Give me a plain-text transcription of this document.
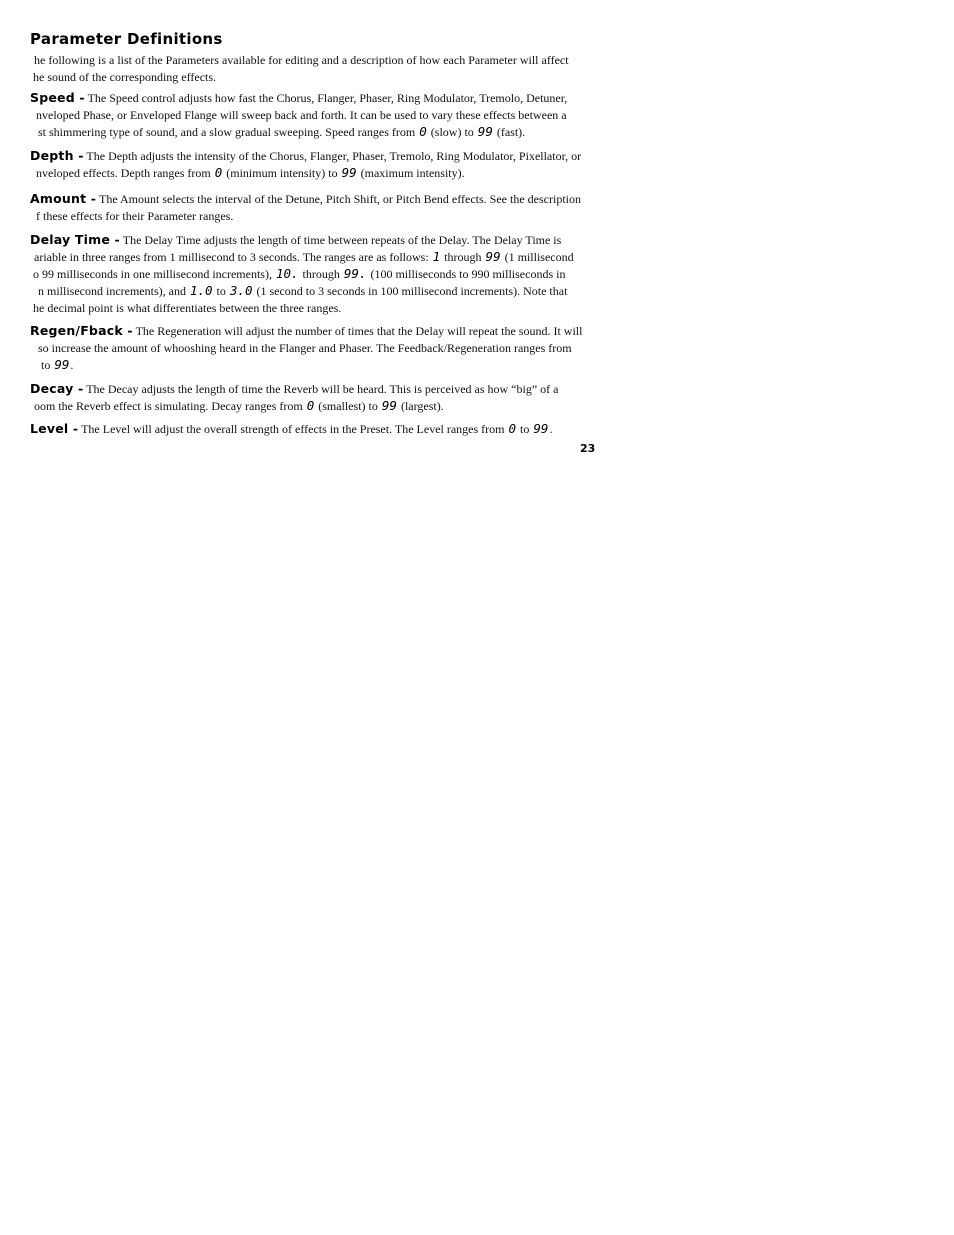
Parameter Definitions
he following is a list of the Parameters available for editing and a description of how each Parameter will affect
he sound of the corresponding effects.
Speed - The Speed control adjusts how fast the Chorus, Flanger, Phaser, Ring Modulator, Tremolo, Detuner,
nveloped Phase, or Enveloped Flange will sweep back and forth. It can be used to vary these effects between a
st shimmering type of sound, and a slow gradual sweeping. Speed ranges from 0 (slow) to 99 (fast).
Depth - The Depth adjusts the intensity of the Chorus, Flanger, Phaser, Tremolo, Ring Modulator, Pixellator, or
nveloped effects. Depth ranges from 0 (minimum intensity) to 99 (maximum intensity).
Amount - The Amount selects the interval of the Detune, Pitch Shift, or Pitch Bend effects. See the description
f these effects for their Parameter ranges.
Delay Time - The Delay Time adjusts the length of time between repeats of the Delay. The Delay Time is
ariable in three ranges from 1 millisecond to 3 seconds. The ranges are as follows: 1 through 99 (1 millisecond
o 99 milliseconds in one millisecond increments), 10. through 99. (100 milliseconds to 990 milliseconds in
n millisecond increments), and 1.0 to 3.0 (1 second to 3 seconds in 100 millisecond increments). Note that
he decimal point is what differentiates between the three ranges.
Regen/Fback - The Regeneration will adjust the number of times that the Delay will repeat the sound. It will
so increase the amount of whooshing heard in the Flanger and Phaser. The Feedback/Regeneration ranges from
to 99.
Decay - The Decay adjusts the length of time the Reverb will be heard. This is perceived as how “big” of a
oom the Reverb effect is simulating. Decay ranges from 0 (smallest) to 99 (largest).
Level - The Level will adjust the overall strength of effects in the Preset. The Level ranges from 0 to 99.
23
